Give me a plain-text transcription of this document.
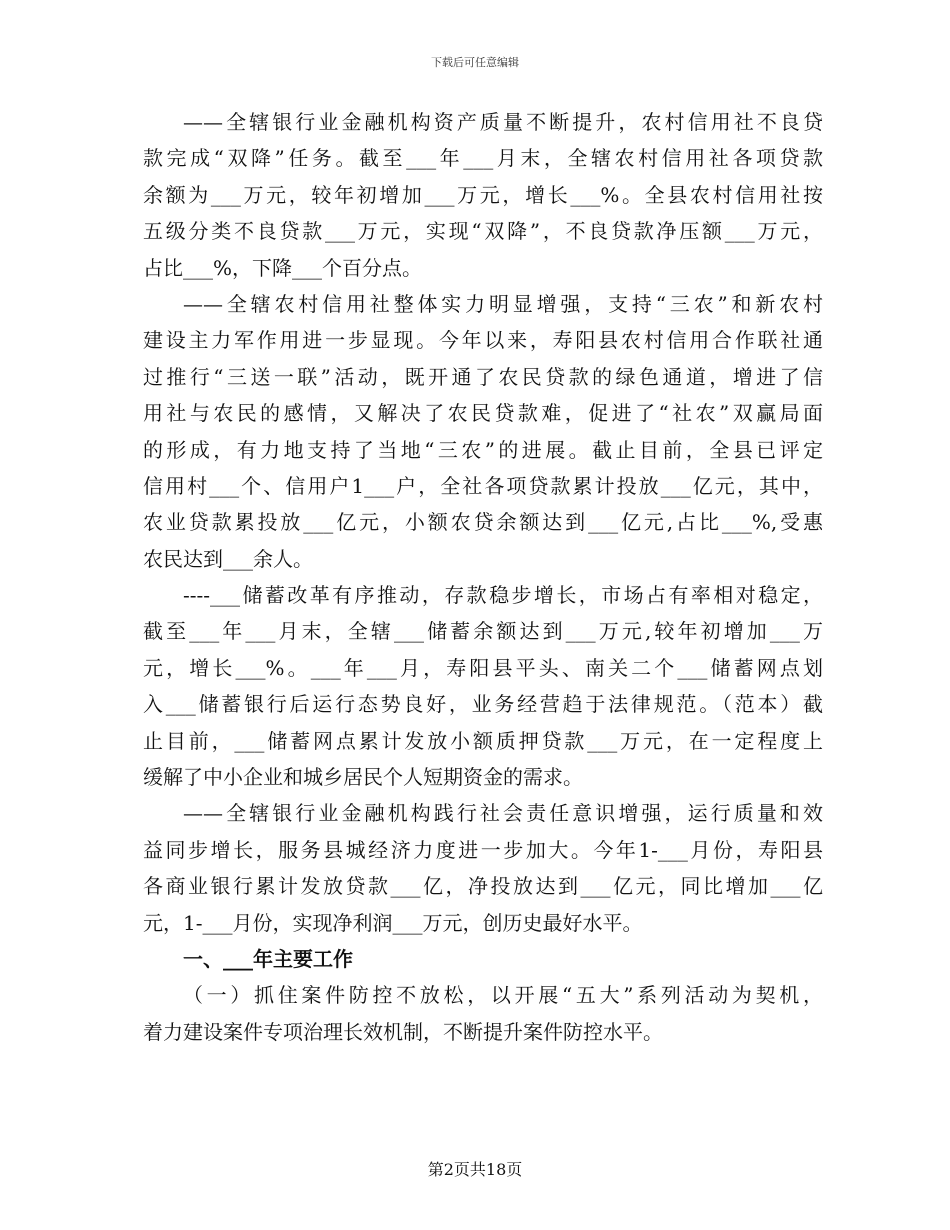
下载后可任意编辑
——全辖银行业金融机构资产质量不断提升，农村信用社不良贷
款完成“双降”任务。截至___年___月末，全辖农村信用社各项贷款
余额为___万元，较年初增加___万元，增长___%。全县农村信用社按
五级分类不良贷款___万元，实现“双降”，不良贷款净压额___万元，
占比___%，下降___个百分点。
——全辖农村信用社整体实力明显增强，支持“三农”和新农村
建设主力军作用进一步显现。今年以来，寿阳县农村信用合作联社通
过推行“三送一联”活动，既开通了农民贷款的绿色通道，增进了信
用社与农民的感情，又解决了农民贷款难，促进了“社农”双赢局面
的形成，有力地支持了当地“三农”的进展。截止目前，全县已评定
信用村___个、信用户1___户，全社各项贷款累计投放___亿元，其中，
农业贷款累投放___亿元，小额农贷余额达到___亿元,占比___%,受惠
农民达到___余人。
----___储蓄改革有序推动，存款稳步增长，市场占有率相对稳定，
截至___年___月末，全辖___储蓄余额达到___万元,较年初增加___万
元，增长___%。___年___月，寿阳县平头、南关二个___储蓄网点划
入___储蓄银行后运行态势良好，业务经营趋于法律规范。（范本）截
止目前，___储蓄网点累计发放小额质押贷款___万元，在一定程度上
缓解了中小企业和城乡居民个人短期资金的需求。
——全辖银行业金融机构践行社会责任意识增强，运行质量和效
益同步增长，服务县城经济力度进一步加大。今年1-___月份，寿阳县
各商业银行累计发放贷款___亿，净投放达到___亿元，同比增加___亿
元，1-___月份，实现净利润___万元，创历史最好水平。
一、___年主要工作
（一）抓住案件防控不放松，以开展“五大”系列活动为契机，
着力建设案件专项治理长效机制，不断提升案件防控水平。
第2页共18页
